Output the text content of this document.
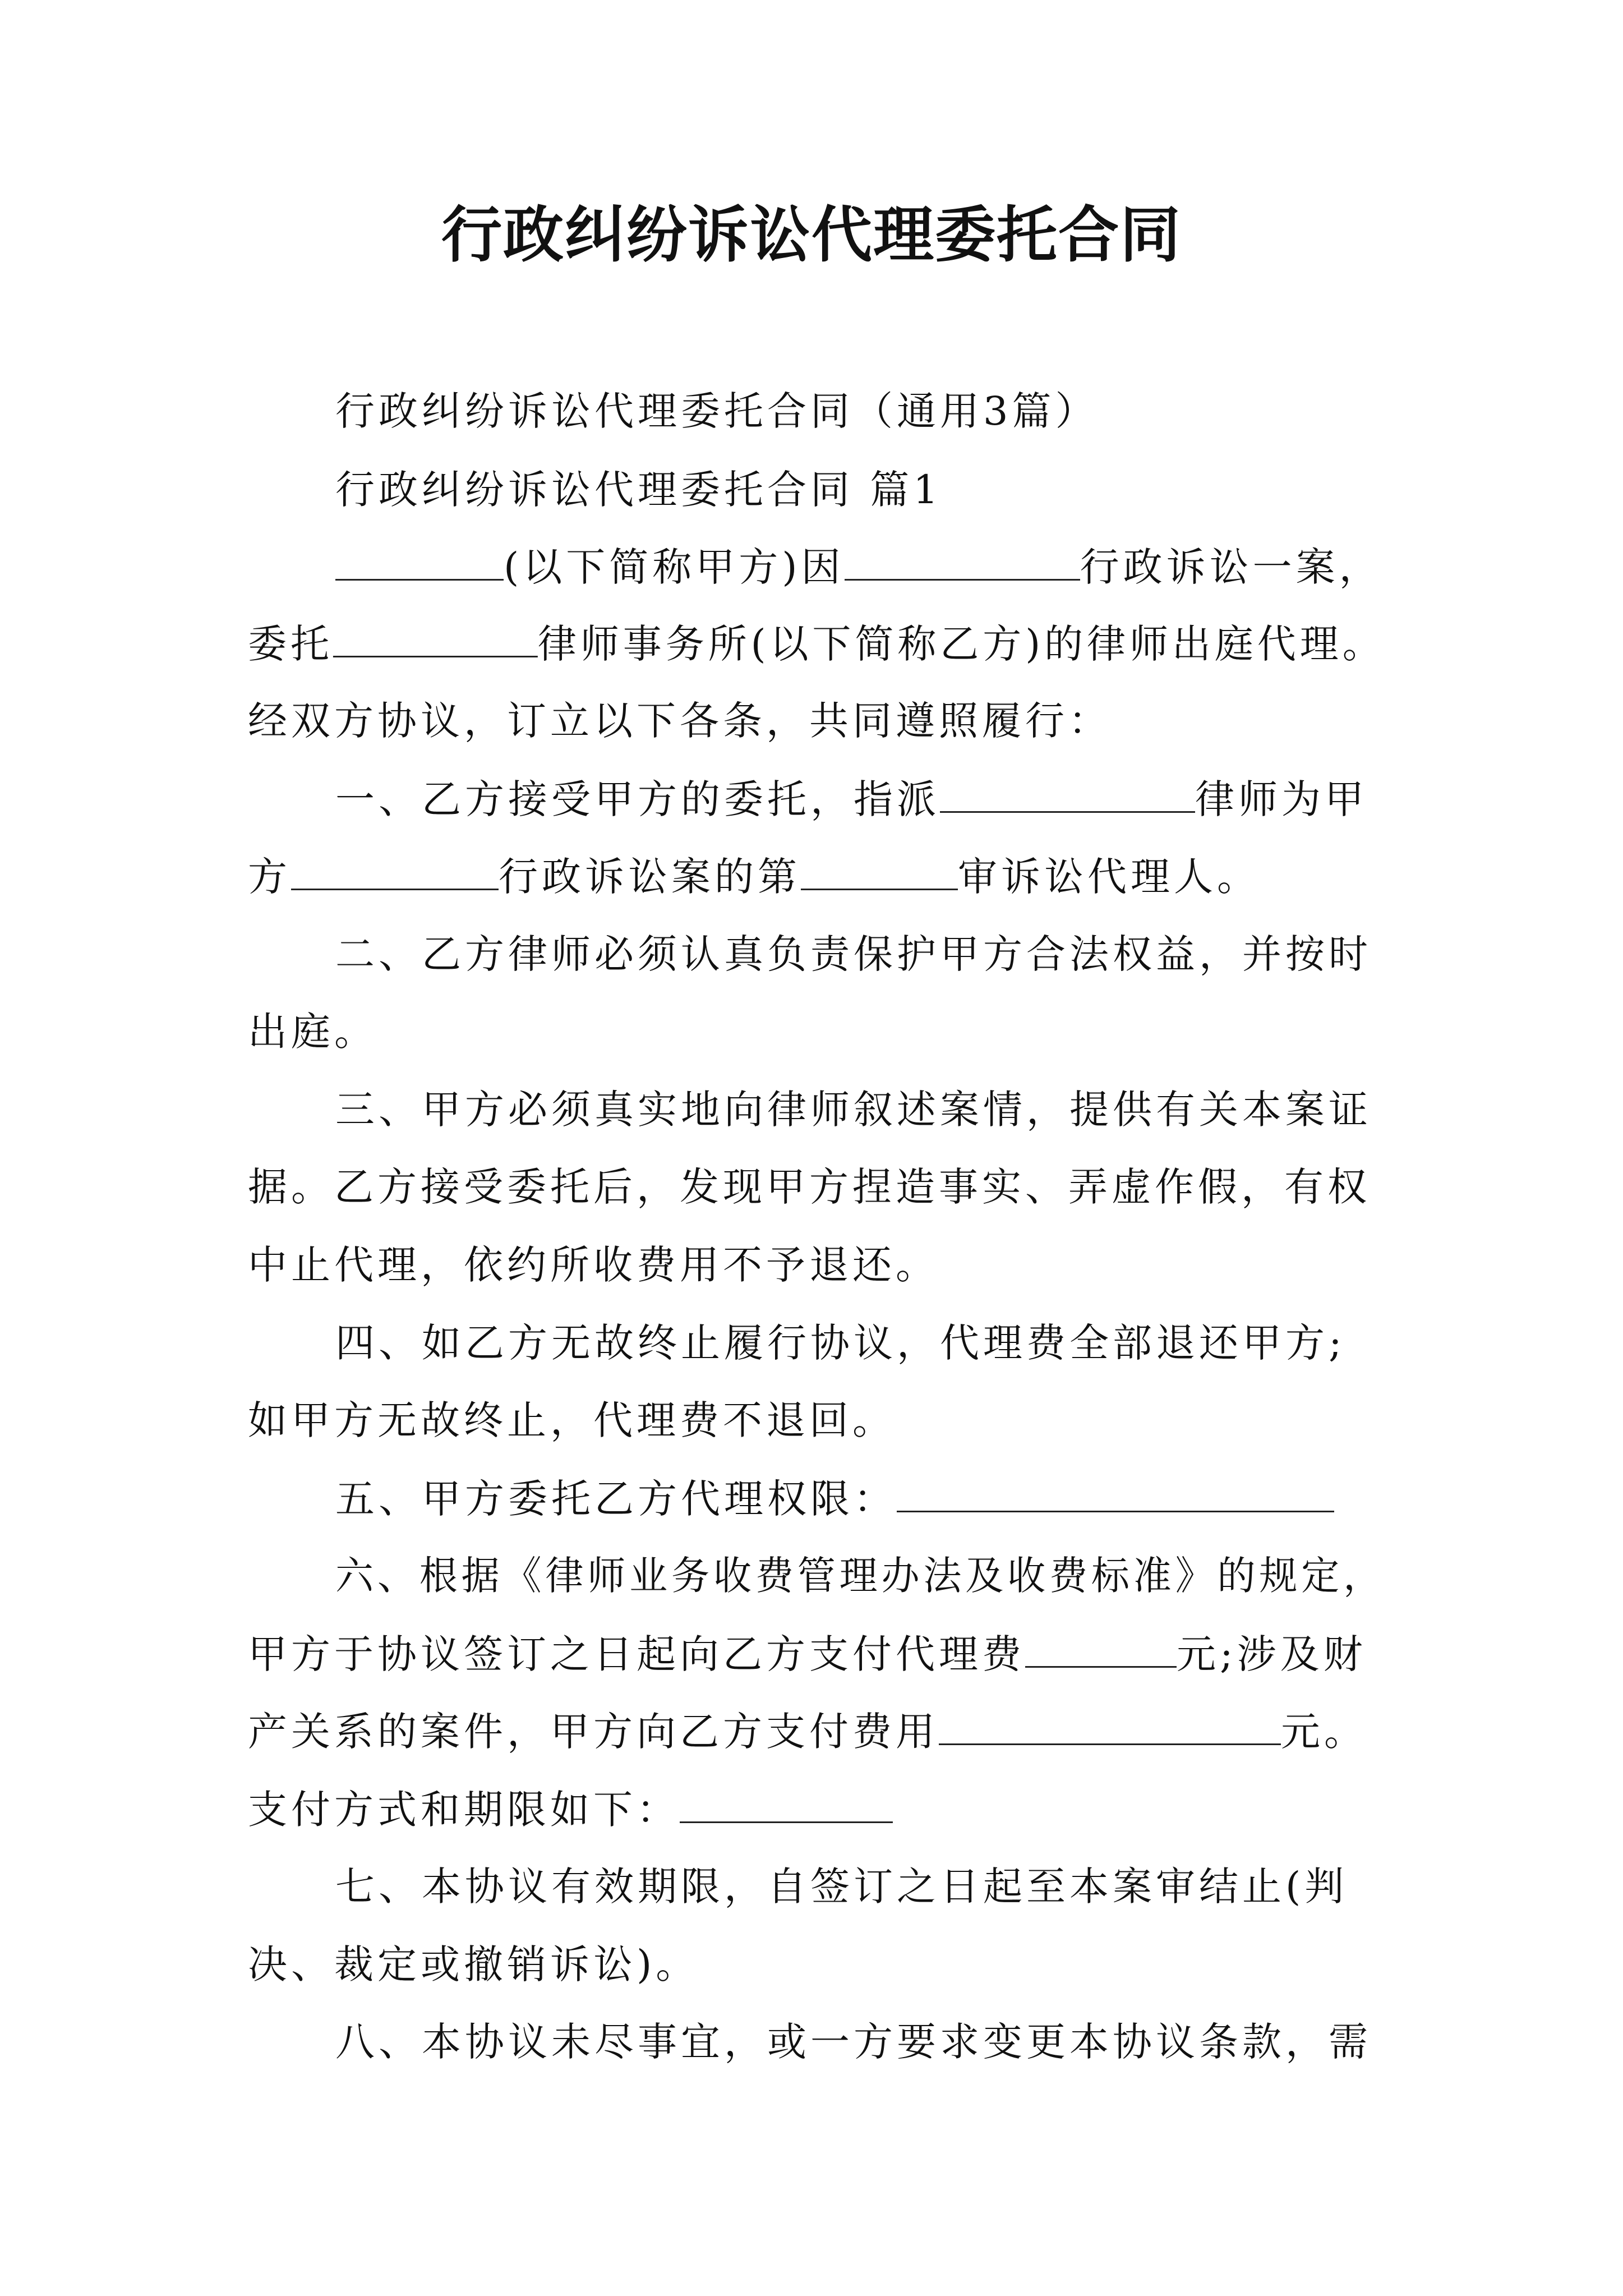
行政纠纷诉讼代理委托合同
行政纠纷诉讼代理委托合同（通用3篇）
行政纠纷诉讼代理委托合同 篇1
(以下简称甲方)因	行政诉讼一案，
委托	律师事务所(以下简称乙方)的律师出庭代理。
经双方协议，订立以下各条，共同遵照履行：
一、乙方接受甲方的委托，指派	律师为甲
方	行政诉讼案的第	审诉讼代理人。
二、乙方律师必须认真负责保护甲方合法权益，并按时
出庭。
三、甲方必须真实地向律师叙述案情，提供有关本案证
据。乙方接受委托后，发现甲方捏造事实、弄虚作假，有权
中止代理，依约所收费用不予退还。
四、如乙方无故终止履行协议，代理费全部退还甲方;
如甲方无故终止，代理费不退回。
五、甲方委托乙方代理权限：
六、根据《律师业务收费管理办法及收费标准》的规定，
甲方于协议签订之日起向乙方支付代理费	元;涉及财
产关系的案件，甲方向乙方支付费用	元。
支付方式和期限如下：
七、本协议有效期限，自签订之日起至本案审结止(判
决、裁定或撤销诉讼)。
八、本协议未尽事宜，或一方要求变更本协议条款，需
